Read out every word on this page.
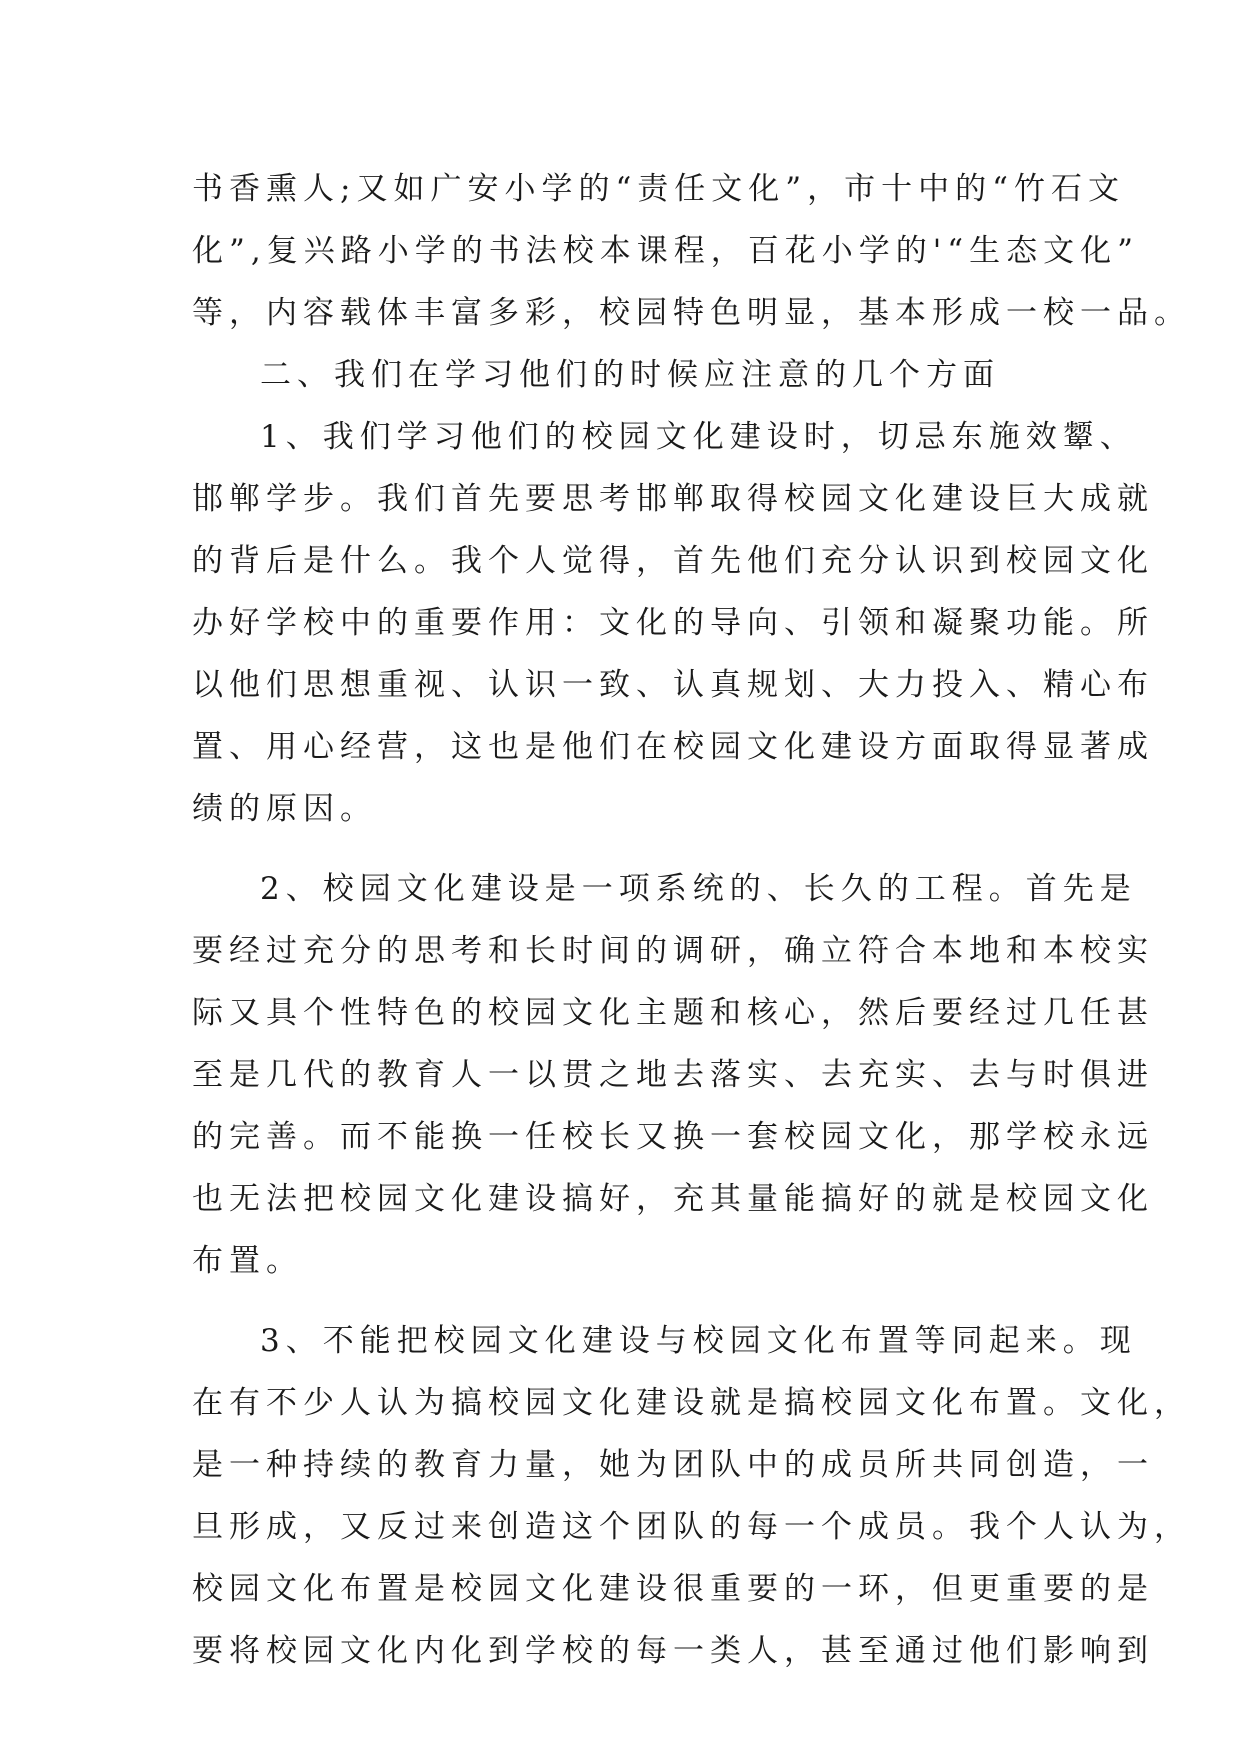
书香熏人;又如广安小学的“责任文化”，市十中的“竹石文

化”,复兴路小学的书法校本课程，百花小学的'“生态文化”

等，内容载体丰富多彩，校园特色明显，基本形成一校一品。

二、我们在学习他们的时候应注意的几个方面

1、我们学习他们的校园文化建设时，切忌东施效颦、

邯郸学步。我们首先要思考邯郸取得校园文化建设巨大成就

的背后是什么。我个人觉得，首先他们充分认识到校园文化

办好学校中的重要作用：文化的导向、引领和凝聚功能。所

以他们思想重视、认识一致、认真规划、大力投入、精心布

置、用心经营，这也是他们在校园文化建设方面取得显著成

绩的原因。

2、校园文化建设是一项系统的、长久的工程。首先是

要经过充分的思考和长时间的调研，确立符合本地和本校实

际又具个性特色的校园文化主题和核心，然后要经过几任甚

至是几代的教育人一以贯之地去落实、去充实、去与时俱进

的完善。而不能换一任校长又换一套校园文化，那学校永远

也无法把校园文化建设搞好，充其量能搞好的就是校园文化

布置。

3、不能把校园文化建设与校园文化布置等同起来。现

在有不少人认为搞校园文化建设就是搞校园文化布置。文化，

是一种持续的教育力量，她为团队中的成员所共同创造，一

旦形成，又反过来创造这个团队的每一个成员。我个人认为，

校园文化布置是校园文化建设很重要的一环，但更重要的是

要将校园文化内化到学校的每一类人，甚至通过他们影响到
